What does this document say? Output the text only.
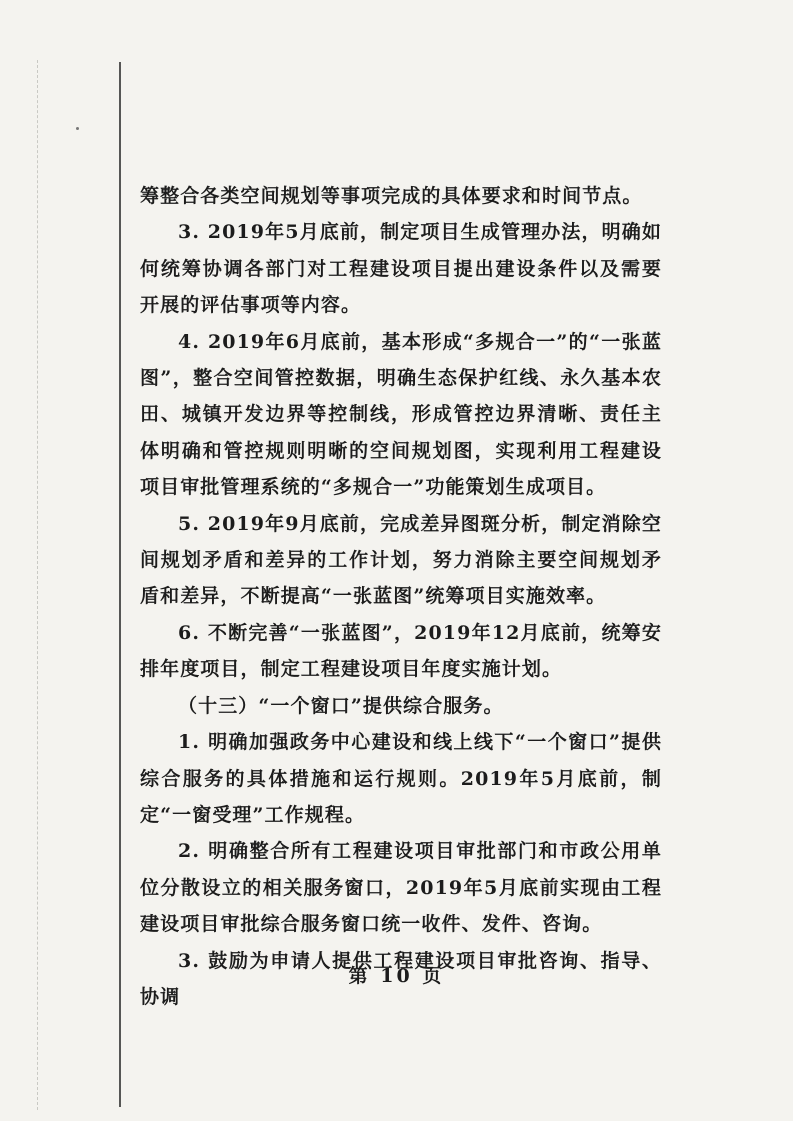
筹整合各类空间规划等事项完成的具体要求和时间节点。

3. 2019年5月底前，制定项目生成管理办法，明确如何统筹协调各部门对工程建设项目提出建设条件以及需要开展的评估事项等内容。

4. 2019年6月底前，基本形成“多规合一”的“一张蓝图”，整合空间管控数据，明确生态保护红线、永久基本农田、城镇开发边界等控制线，形成管控边界清晰、责任主体明确和管控规则明晰的空间规划图，实现利用工程建设项目审批管理系统的“多规合一”功能策划生成项目。

5. 2019年9月底前，完成差异图斑分析，制定消除空间规划矛盾和差异的工作计划，努力消除主要空间规划矛盾和差异，不断提高“一张蓝图”统筹项目实施效率。

6. 不断完善“一张蓝图”，2019年12月底前，统筹安排年度项目，制定工程建设项目年度实施计划。

（十三）“一个窗口”提供综合服务。

1. 明确加强政务中心建设和线上线下“一个窗口”提供综合服务的具体措施和运行规则。2019年5月底前，制定“一窗受理”工作规程。

2. 明确整合所有工程建设项目审批部门和市政公用单位分散设立的相关服务窗口，2019年5月底前实现由工程建设项目审批综合服务窗口统一收件、发件、咨询。

3. 鼓励为申请人提供工程建设项目审批咨询、指导、协调

第 10 页
